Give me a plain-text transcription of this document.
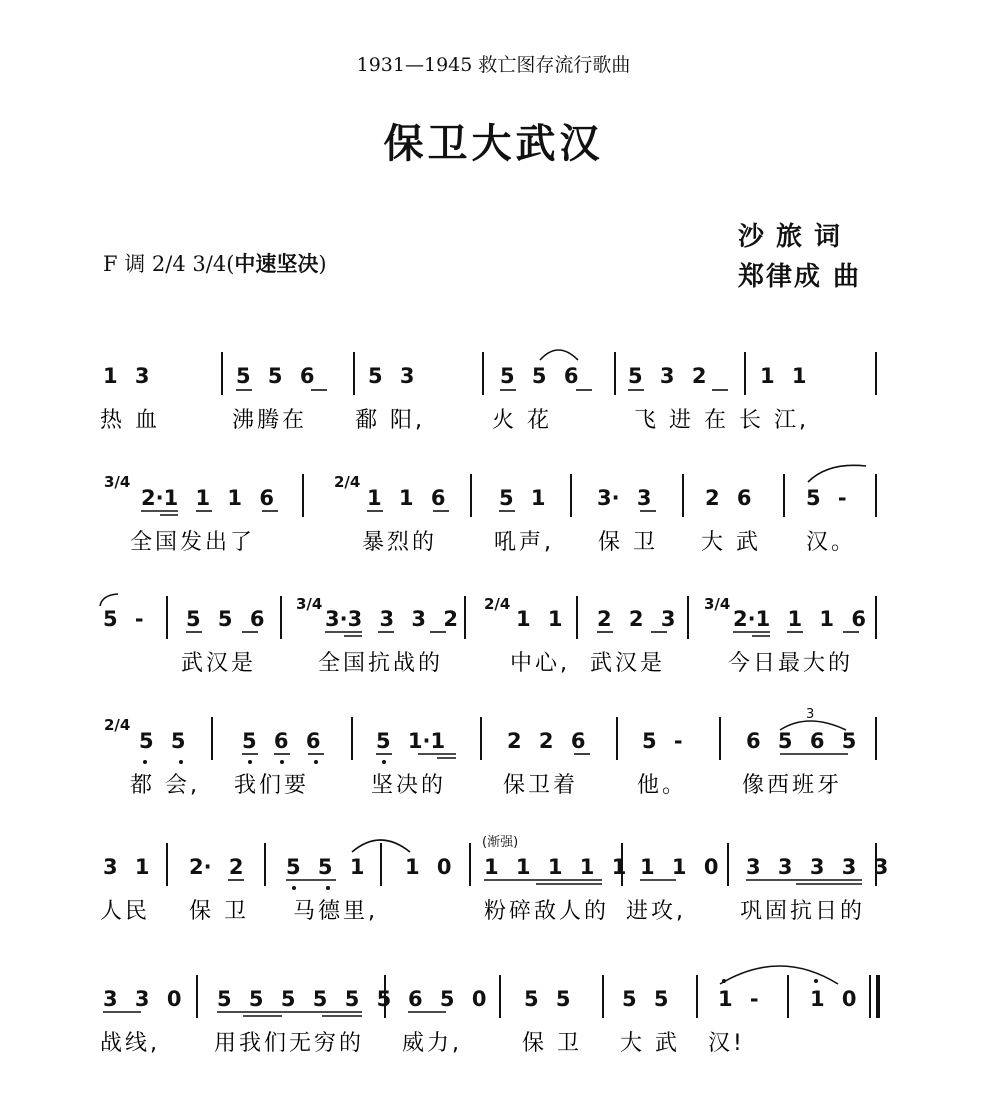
1931—1945 救亡图存流行歌曲
保卫大武汉
沙旅词
郑律成 曲
F 调 2/4 3/4(中速坚决)
1 3	5 5 6	5 3	5 5 6 5 3 2	1 1
热 血	沸腾在 鄱 阳,	火 花	飞 进 在 长 江,
3/4
2·1 1 1 6
2/4
1 1 6	5 1 3· 3	2 6	5 -
全国发出了	暴烈的	吼声, 保 卫 大 武 汉。
5 - 5 5 6
3/4
3·3 3 3 2
2/4
1 1 2 2 3
3/4
2·1 1 1 6
武汉是	全国抗战的	中心, 武汉是	今日最大的
2/4
5 5	5 6 6	5 1·1	2 2 6	5 -
3
6 5 6 5
都 会, 我们要	坚决的	保卫着	他。 像西班牙
3 1 2· 2 5 5 1 1 0
(渐强)
1 1 1 1 1 1 1 0 3 3 3 3 3
人民 保 卫 马德里,	粉碎敌人的 进攻, 巩固抗日的
3 3 0 5 5 5 5 5 5 6 5 0 5 5 5 5 1 - 1 0
战线, 用我们无穷的 威力,	保 卫 大 武 汉!
